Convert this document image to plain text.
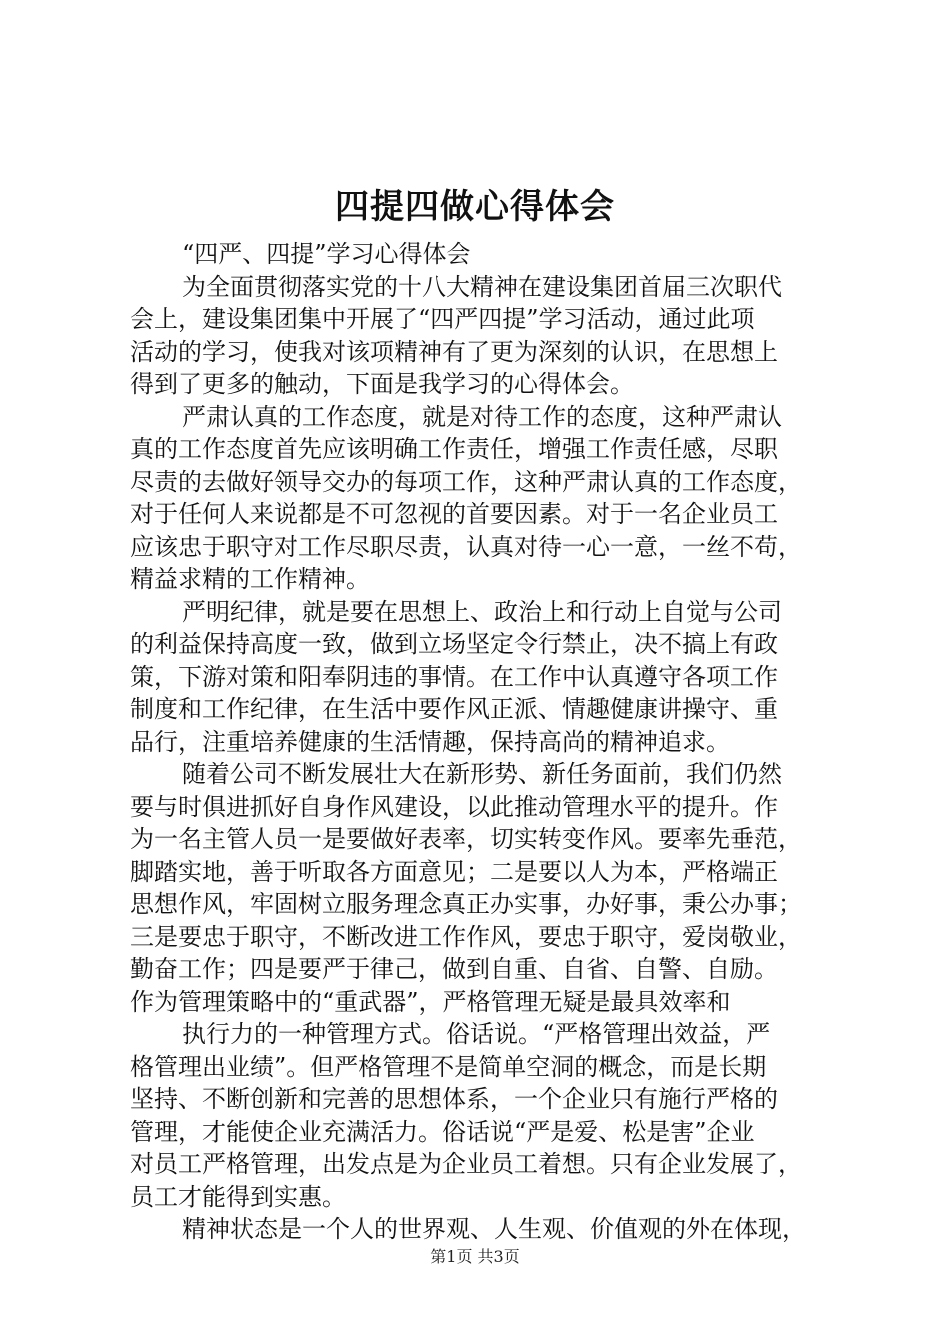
四提四做心得体会
“四严、四提”学习心得体会
为全面贯彻落实党的十八大精神在建设集团首届三次职代
会上，建设集团集中开展了“四严四提”学习活动，通过此项
活动的学习，使我对该项精神有了更为深刻的认识，在思想上
得到了更多的触动，下面是我学习的心得体会。
严肃认真的工作态度，就是对待工作的态度，这种严肃认
真的工作态度首先应该明确工作责任，增强工作责任感，尽职
尽责的去做好领导交办的每项工作，这种严肃认真的工作态度，
对于任何人来说都是不可忽视的首要因素。对于一名企业员工
应该忠于职守对工作尽职尽责，认真对待一心一意，一丝不苟，
精益求精的工作精神。
严明纪律，就是要在思想上、政治上和行动上自觉与公司
的利益保持高度一致，做到立场坚定令行禁止，决不搞上有政
策，下游对策和阳奉阴违的事情。在工作中认真遵守各项工作
制度和工作纪律，在生活中要作风正派、情趣健康讲操守、重
品行，注重培养健康的生活情趣，保持高尚的精神追求。
随着公司不断发展壮大在新形势、新任务面前，我们仍然
要与时俱进抓好自身作风建设，以此推动管理水平的提升。作
为一名主管人员一是要做好表率，切实转变作风。要率先垂范，
脚踏实地，善于听取各方面意见；二是要以人为本，严格端正
思想作风，牢固树立服务理念真正办实事，办好事，秉公办事；
三是要忠于职守，不断改进工作作风，要忠于职守，爱岗敬业，
勤奋工作；四是要严于律己，做到自重、自省、自警、自励。
作为管理策略中的“重武器”，严格管理无疑是最具效率和
执行力的一种管理方式。俗话说。“严格管理出效益，严
格管理出业绩”。但严格管理不是简单空洞的概念，而是长期
坚持、不断创新和完善的思想体系，一个企业只有施行严格的
管理，才能使企业充满活力。俗话说“严是爱、松是害”企业
对员工严格管理，出发点是为企业员工着想。只有企业发展了，
员工才能得到实惠。
精神状态是一个人的世界观、人生观、价值观的外在体现，
第1页 共3页
